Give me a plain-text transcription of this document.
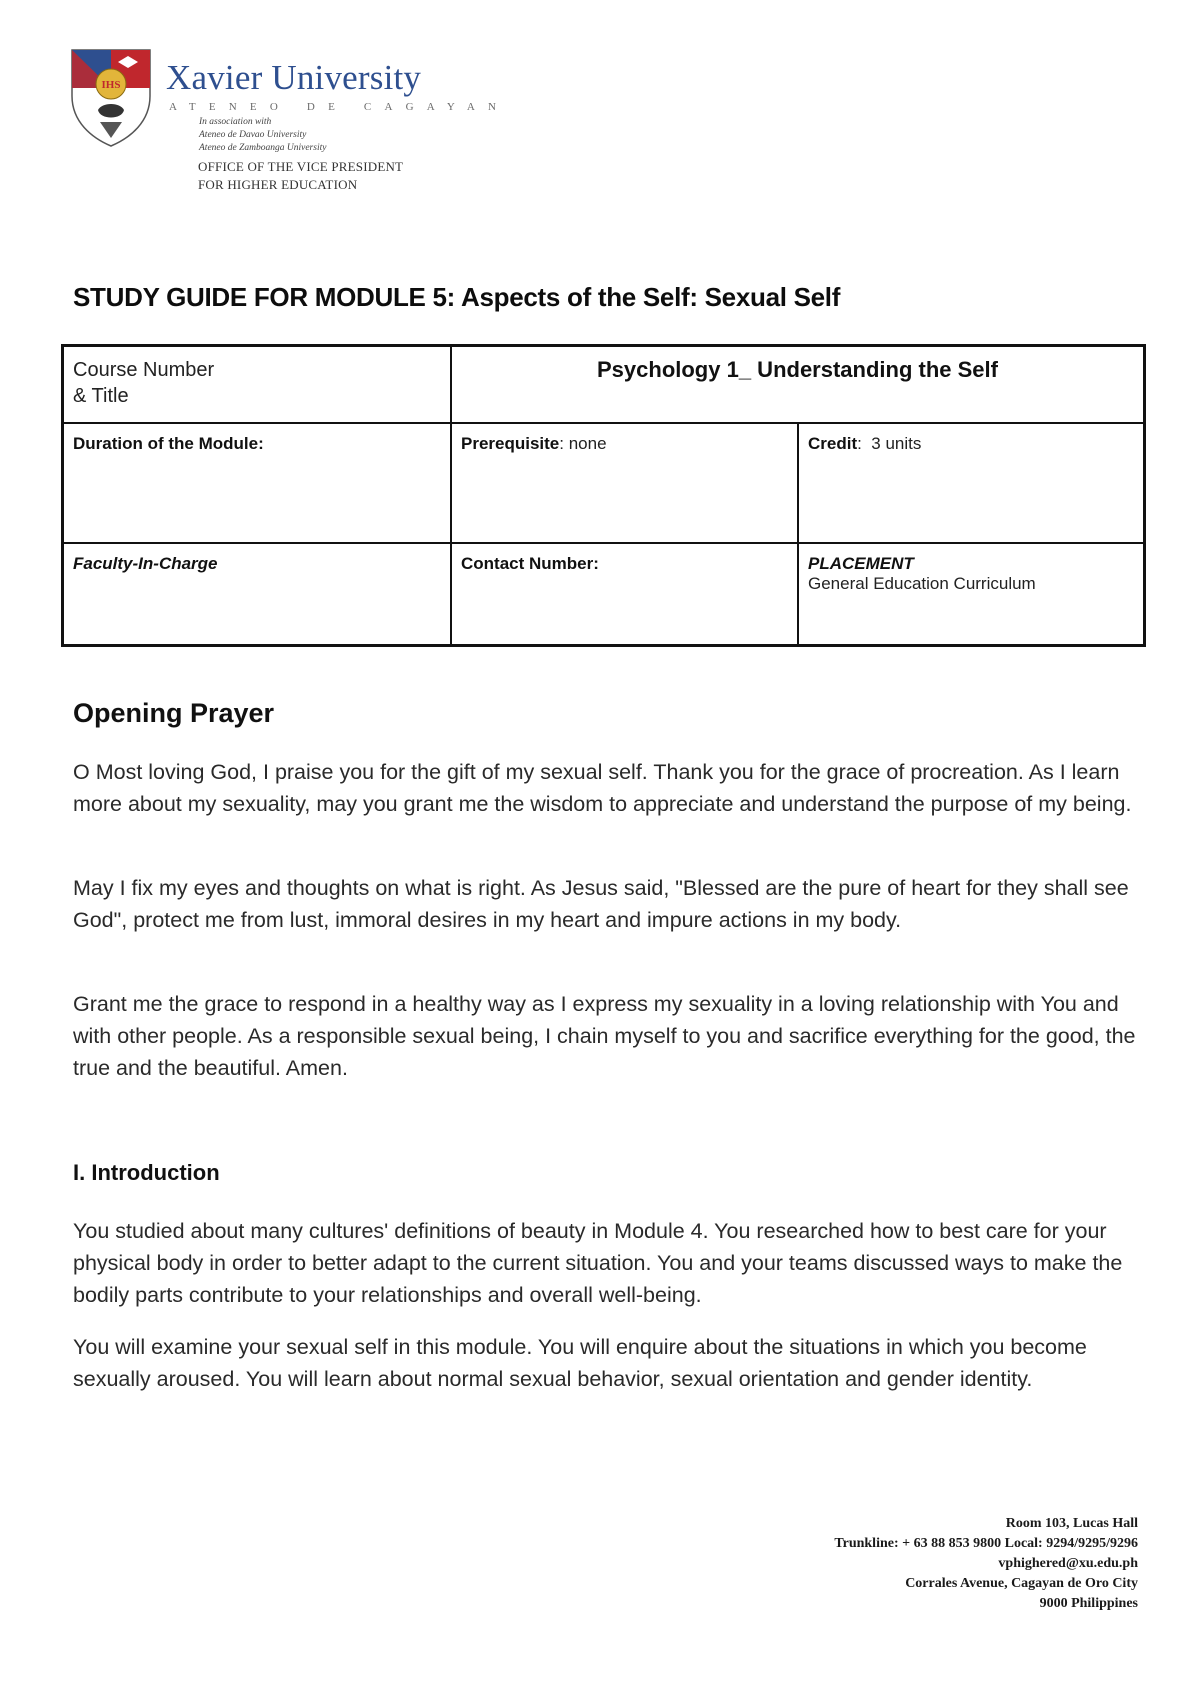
IHS Xavier University
ATENEO DE CAGAYAN
In association with
Ateneo de Davao University
Ateneo de Zamboanga University
OFFICE OF THE VICE PRESIDENT
FOR HIGHER EDUCATION
STUDY GUIDE FOR MODULE 5: Aspects of the Self: Sexual Self
Course Number
& Title	Psychology 1_ Understanding the Self	
Duration of the Module:	Prerequisite: none	Credit:  3 units
Faculty-In-Charge	Contact Number:	PLACEMENT
General Education Curriculum
Opening Prayer

O Most loving God, I praise you for the gift of my sexual self. Thank you for the grace of procreation. As I learn more about my sexuality, may you grant me the wisdom to appreciate and understand the purpose of my being.

May I fix my eyes and thoughts on what is right. As Jesus said, "Blessed are the pure of heart for they shall see God", protect me from lust, immoral desires in my heart and impure actions in my body.

Grant me the grace to respond in a healthy way as I express my sexuality in a loving relationship with You and with other people. As a responsible sexual being, I chain myself to you and sacrifice everything for the good, the true and the beautiful. Amen.

I. Introduction

You studied about many cultures' definitions of beauty in Module 4. You researched how to best care for your physical body in order to better adapt to the current situation. You and your teams discussed ways to make the bodily parts contribute to your relationships and overall well-being.

You will examine your sexual self in this module. You will enquire about the situations in which you become sexually aroused. You will learn about normal sexual behavior, sexual orientation and gender identity.

Room 103, Lucas Hall
Trunkline: + 63 88 853 9800 Local: 9294/9295/9296
vphighered@xu.edu.ph
Corrales Avenue, Cagayan de Oro City
9000 Philippines
